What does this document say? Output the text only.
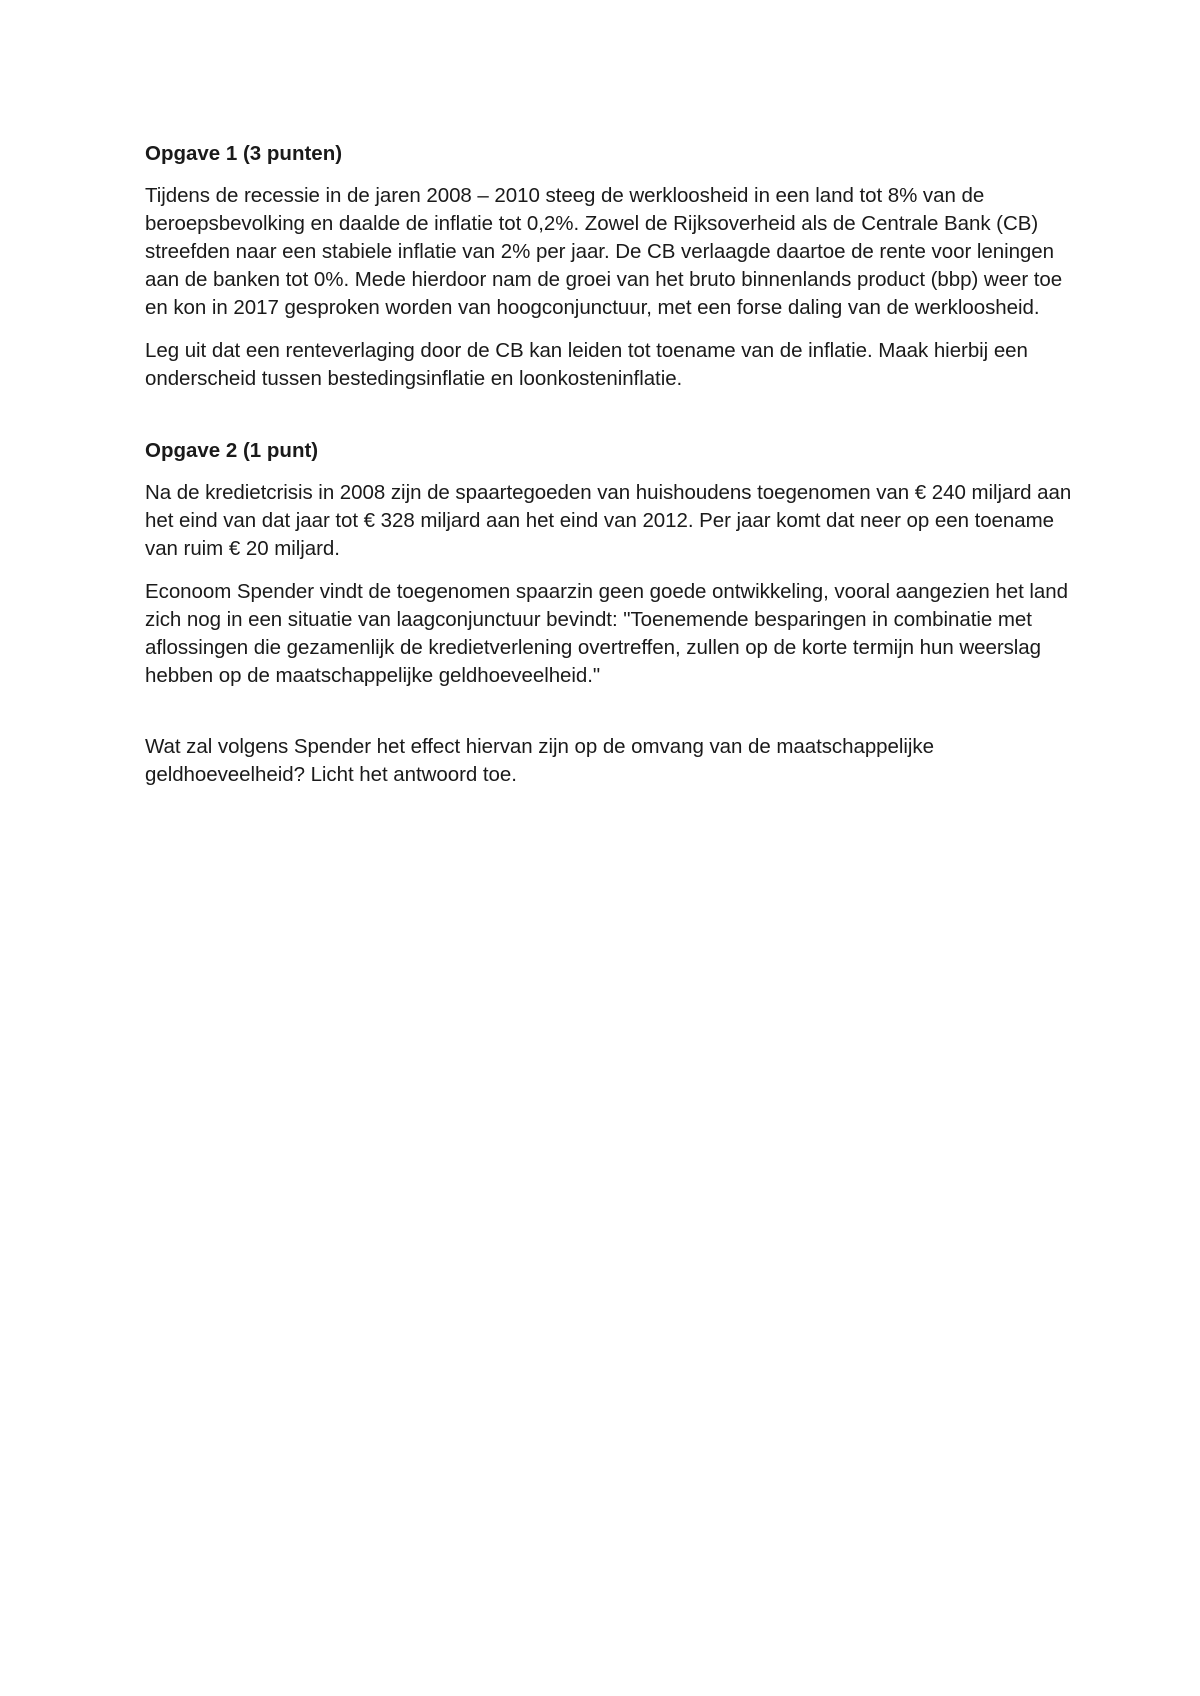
Opgave 1 (3 punten)

Tijdens de recessie in de jaren 2008 – 2010 steeg de werkloosheid in een land tot 8% van de beroepsbevolking en daalde de inflatie tot 0,2%. Zowel de Rijksoverheid als de Centrale Bank (CB) streefden naar een stabiele inflatie van 2% per jaar. De CB verlaagde daartoe de rente voor leningen aan de banken tot 0%. Mede hierdoor nam de groei van het bruto binnenlands product (bbp) weer toe en kon in 2017 gesproken worden van hoogconjunctuur, met een forse daling van de werkloosheid.

Leg uit dat een renteverlaging door de CB kan leiden tot toename van de inflatie. Maak hierbij een onderscheid tussen bestedingsinflatie en loonkosteninflatie.

Opgave 2 (1 punt)

Na de kredietcrisis in 2008 zijn de spaartegoeden van huishoudens toegenomen van € 240 miljard aan het eind van dat jaar tot € 328 miljard aan het eind van 2012. Per jaar komt dat neer op een toename van ruim € 20 miljard.

Econoom Spender vindt de toegenomen spaarzin geen goede ontwikkeling, vooral aangezien het land zich nog in een situatie van laagconjunctuur bevindt: "Toenemende besparingen in combinatie met aflossingen die gezamenlijk de kredietverlening overtreffen, zullen op de korte termijn hun weerslag hebben op de maatschappelijke geldhoeveelheid."

Wat zal volgens Spender het effect hiervan zijn op de omvang van de maatschappelijke geldhoeveelheid? Licht het antwoord toe.
